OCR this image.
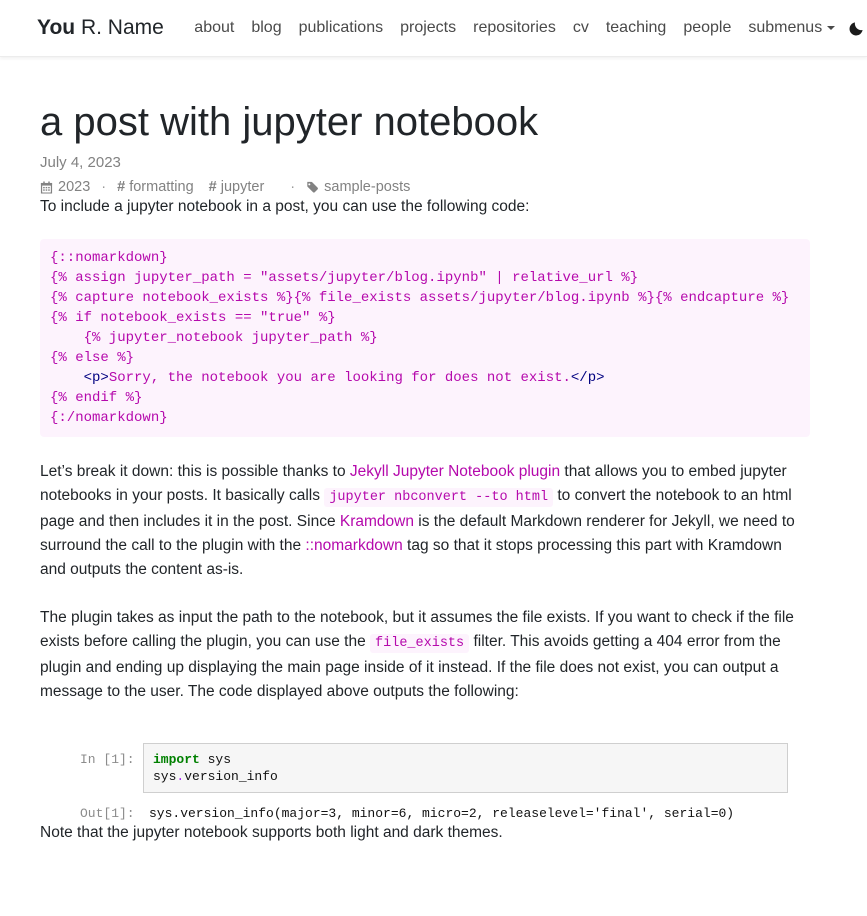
You R. Name	about	blog	publications	projects	repositories	cv	teaching	people	submenus
a post with jupyter notebook
July 4, 2023
2023 · # formatting # jupyter · sample-posts

To include a jupyter notebook in a post, you can use the following code:

{::nomarkdown}
{% assign jupyter_path = "assets/jupyter/blog.ipynb" | relative_url %}
{% capture notebook_exists %}{% file_exists assets/jupyter/blog.ipynb %}{% endcapture %}
{% if notebook_exists == "true" %}
{% jupyter_notebook jupyter_path %}
{% else %}
<p>Sorry, the notebook you are looking for does not exist.</p>
{% endif %}
{:/nomarkdown}

Let’s break it down: this is possible thanks to Jekyll Jupyter Notebook plugin that allows you to embed jupyter notebooks in your posts. It basically calls jupyter nbconvert --to html to convert the notebook to an html page and then includes it in the post. Since Kramdown is the default Markdown renderer for Jekyll, we need to surround the call to the plugin with the ::nomarkdown tag so that it stops processing this part with Kramdown and outputs the content as-is.

The plugin takes as input the path to the notebook, but it assumes the file exists. If you want to check if the file exists before calling the plugin, you can use the file_exists filter. This avoids getting a 404 error from the plugin and ending up displaying the main page inside of it instead. If the file does not exist, you can output a message to the user. The code displayed above outputs the following:

In [1]:	import sys
sys.version_info
Out[1]:	sys.version_info(major=3, minor=6, micro=2, releaselevel='final', serial=0)

Note that the jupyter notebook supports both light and dark themes.
